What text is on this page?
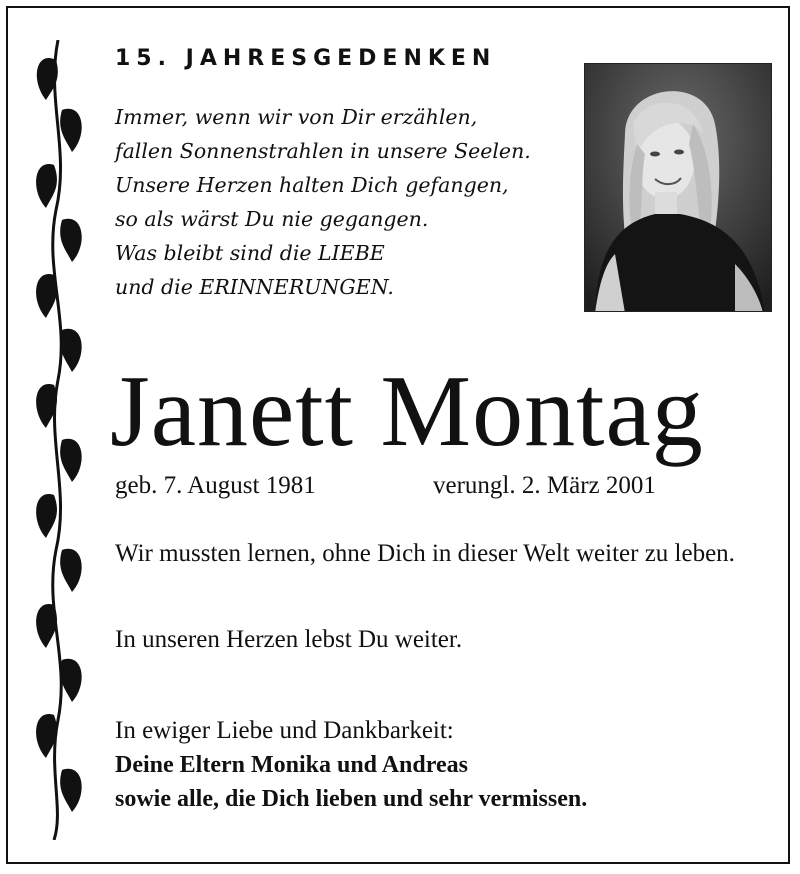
15. JAHRESGEDENKEN
Immer, wenn wir von Dir erzählen,
fallen Sonnenstrahlen in unsere Seelen.
Unsere Herzen halten Dich gefangen,
so als wärst Du nie gegangen.
Was bleibt sind die LIEBE
und die ERINNERUNGEN.
Janett Montag
geb. 7. August 1981	verungl. 2. März 2001
Wir mussten lernen, ohne Dich in dieser Welt weiter zu leben.
In unseren Herzen lebst Du weiter.
In ewiger Liebe und Dankbarkeit:
Deine Eltern Monika und Andreas
sowie alle, die Dich lieben und sehr vermissen.
